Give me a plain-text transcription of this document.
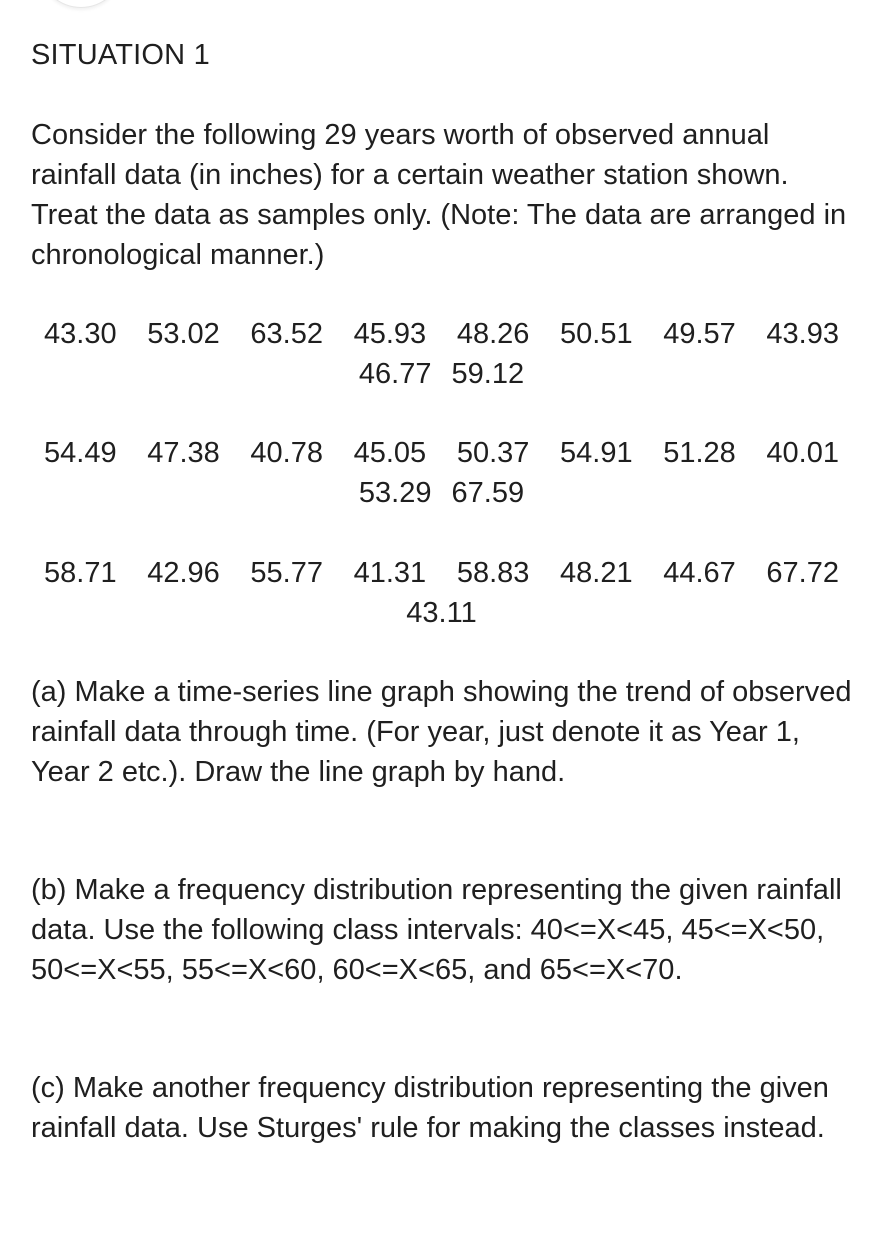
SITUATION 1

Consider the following 29 years worth of observed annual rainfall data (in inches) for a certain weather station shown. Treat the data as samples only. (Note: The data are arranged in chronological manner.)

43.30 53.02 63.52 45.93 48.26 50.51 49.57 43.93
46.77 59.12
54.49 47.38 40.78 45.05 50.37 54.91 51.28 40.01
53.29 67.59
58.71 42.96 55.77 41.31 58.83 48.21 44.67 67.72
43.11

(a) Make a time-series line graph showing the trend of observed rainfall data through time. (For year, just denote it as Year 1, Year 2 etc.). Draw the line graph by hand.

(b) Make a frequency distribution representing the given rainfall data. Use the following class intervals: 40<=X<45, 45<=X<50, 50<=X<55, 55<=X<60, 60<=X<65, and 65<=X<70.

(c) Make another frequency distribution representing the given rainfall data. Use Sturges' rule for making the classes instead.
